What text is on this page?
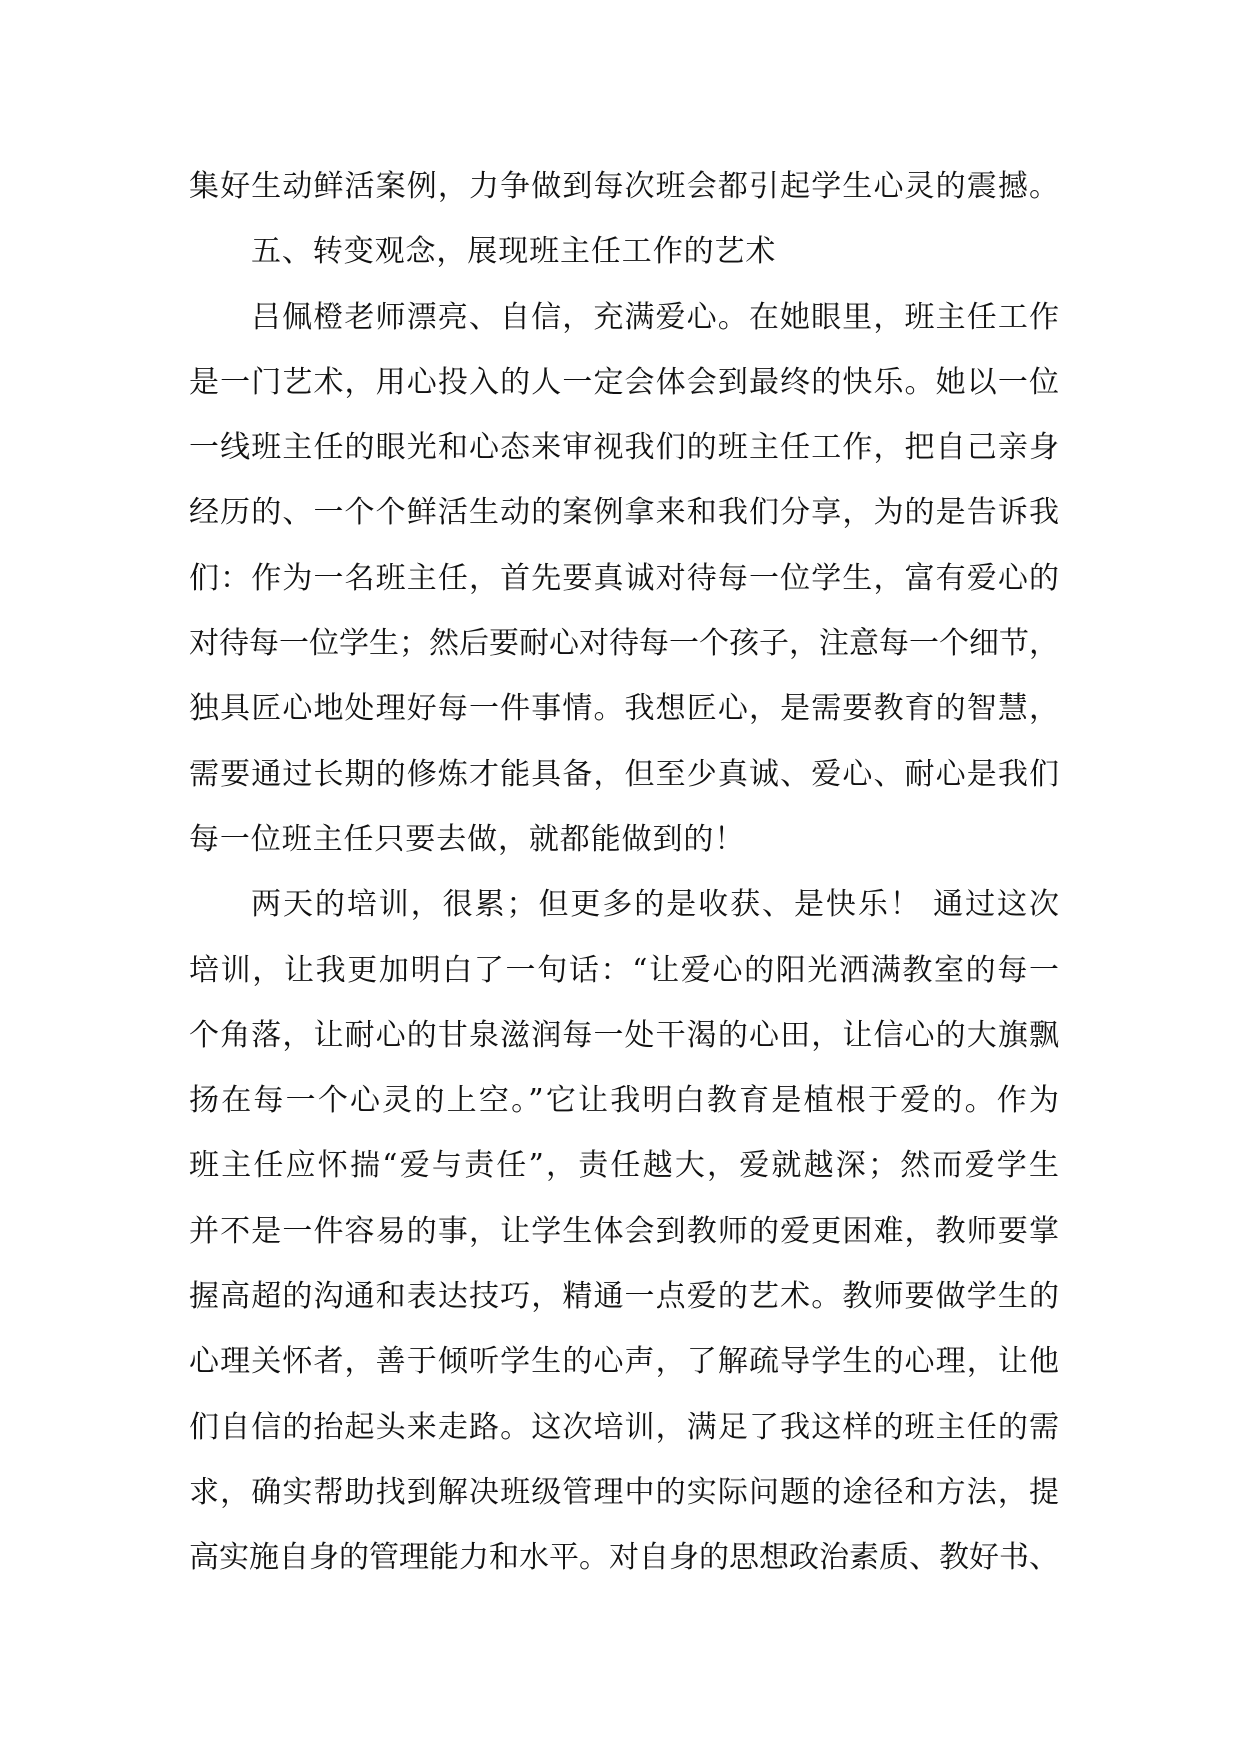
集好生动鲜活案例，力争做到每次班会都引起学生心灵的震撼。
五、转变观念，展现班主任工作的艺术
吕佩橙老师漂亮、自信，充满爱心。在她眼里，班主任工作
是一门艺术，用心投入的人一定会体会到最终的快乐。她以一位
一线班主任的眼光和心态来审视我们的班主任工作，把自己亲身
经历的、一个个鲜活生动的案例拿来和我们分享，为的是告诉我
们：作为一名班主任，首先要真诚对待每一位学生，富有爱心的
对待每一位学生；然后要耐心对待每一个孩子，注意每一个细节，
独具匠心地处理好每一件事情。我想匠心，是需要教育的智慧，
需要通过长期的修炼才能具备，但至少真诚、爱心、耐心是我们
每一位班主任只要去做，就都能做到的！
两天的培训，很累；但更多的是收获、是快乐！ 通过这次
培训，让我更加明白了一句话：“让爱心的阳光洒满教室的每一
个角落，让耐心的甘泉滋润每一处干渴的心田，让信心的大旗飘
扬在每一个心灵的上空。”它让我明白教育是植根于爱的。作为
班主任应怀揣“爱与责任”，责任越大，爱就越深；然而爱学生
并不是一件容易的事，让学生体会到教师的爱更困难，教师要掌
握高超的沟通和表达技巧，精通一点爱的艺术。教师要做学生的
心理关怀者，善于倾听学生的心声，了解疏导学生的心理，让他
们自信的抬起头来走路。这次培训，满足了我这样的班主任的需
求，确实帮助找到解决班级管理中的实际问题的途径和方法，提
高实施自身的管理能力和水平。对自身的思想政治素质、教好书、
